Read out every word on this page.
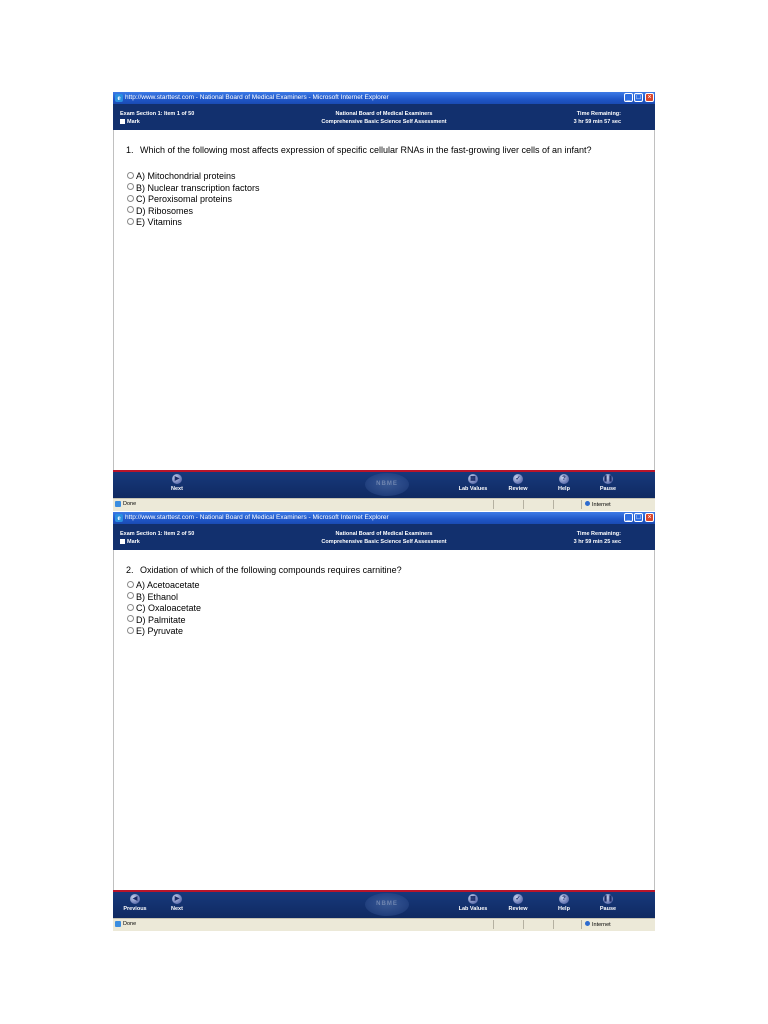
e http://www.starttest.com - National Board of Medical Examiners - Microsoft Internet Explorer	_ □ ×
Exam Section 1: Item 1 of 50
Mark
National Board of Medical Examiners
Comprehensive Basic Science Self Assessment
Time Remaining:
3 hr 59 min 57 sec
1. Which of the following most affects expression of specific cellular RNAs in the fast-growing liver cells of an infant?
A) Mitochondrial proteins
B) Nuclear transcription factors
C) Peroxisomal proteins
D) Ribosomes
E) Vitamins
NBME
▶
Next
▦
Lab Values
✓
Review
?
Help
❚❚
Pause
Done	Internet
e http://www.starttest.com - National Board of Medical Examiners - Microsoft Internet Explorer	_ □ ×
Exam Section 1: Item 2 of 50
Mark
National Board of Medical Examiners
Comprehensive Basic Science Self Assessment
Time Remaining:
3 hr 59 min 25 sec
2. Oxidation of which of the following compounds requires carnitine?
A) Acetoacetate
B) Ethanol
C) Oxaloacetate
D) Palmitate
E) Pyruvate
NBME
◀
Previous
▶
Next
▦
Lab Values
✓
Review
?
Help
❚❚
Pause
Done	Internet
